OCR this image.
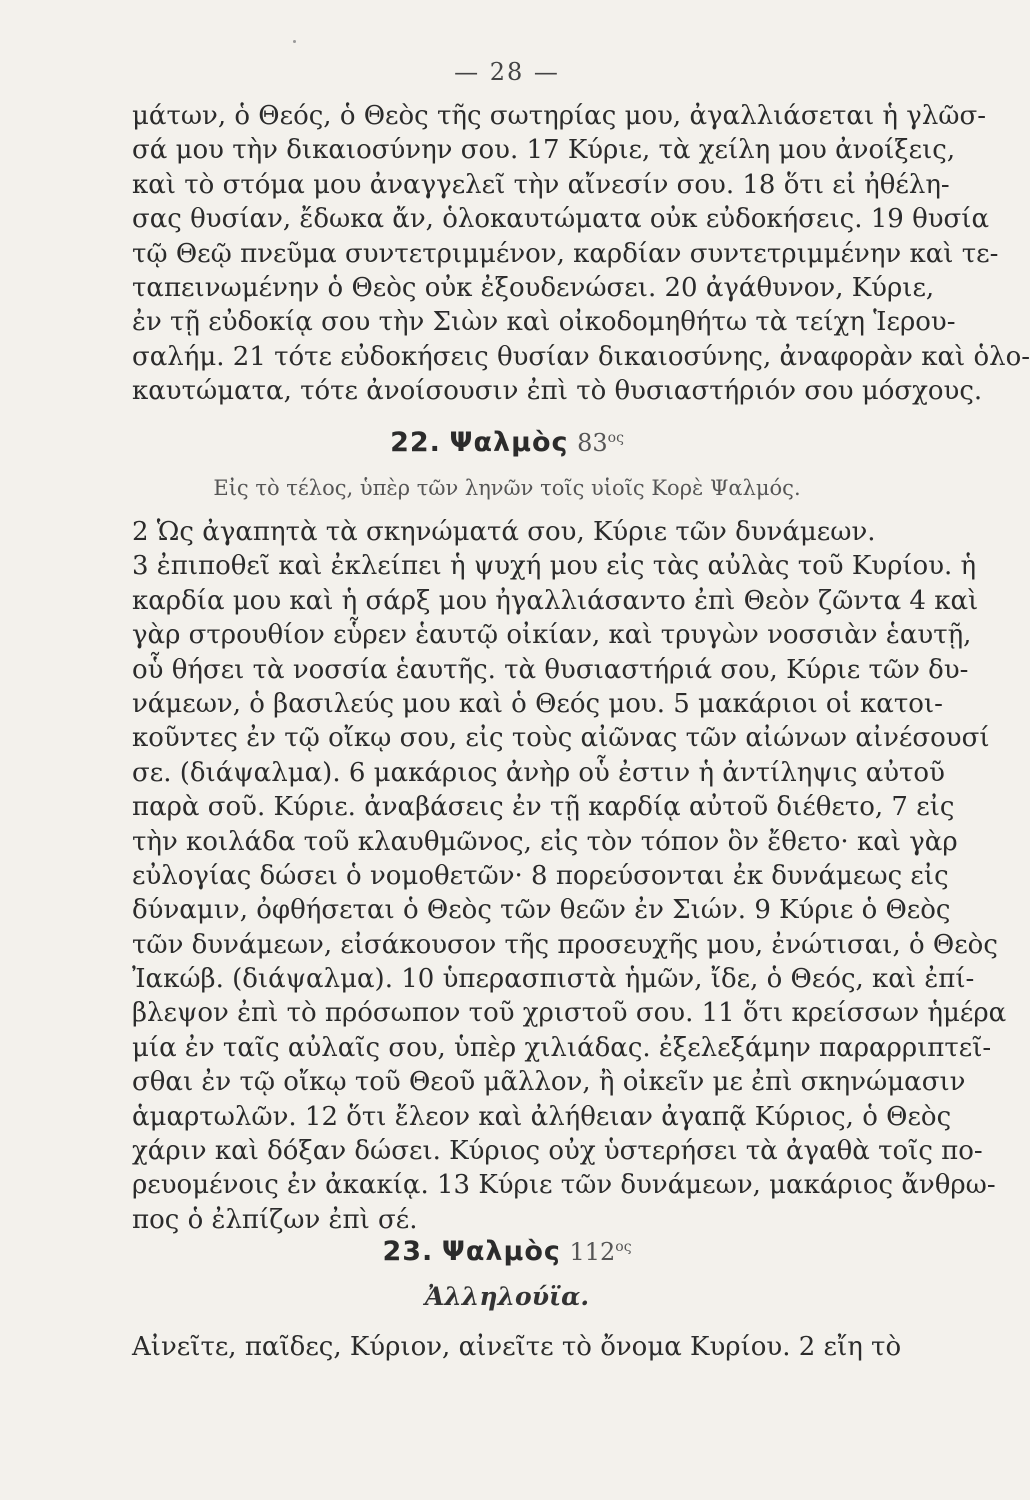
— 28 —
μάτων, ὁ Θεός, ὁ Θεὸς τῆς σωτηρίας μου, ἀγαλλιάσεται ἡ γλῶσ-
σά μου τὴν δικαιοσύνην σου. 17 Κύριε, τὰ χείλη μου ἀνοίξεις,
καὶ τὸ στόμα μου ἀναγγελεῖ τὴν αἴνεσίν σου. 18 ὅτι εἰ ἠθέλη-
σας θυσίαν, ἔδωκα ἄν, ὁλοκαυτώματα οὐκ εὐδοκήσεις. 19 θυσία
τῷ Θεῷ πνεῦμα συντετριμμένον, καρδίαν συντετριμμένην καὶ τε-
ταπεινωμένην ὁ Θεὸς οὐκ ἐξουδενώσει. 20 ἀγάθυνον, Κύριε,
ἐν τῇ εὐδοκίᾳ σου τὴν Σιὼν καὶ οἰκοδομηθήτω τὰ τείχη Ἱερου-
σαλήμ. 21 τότε εὐδοκήσεις θυσίαν δικαιοσύνης, ἀναφορὰν καὶ ὁλο-
καυτώματα, τότε ἀνοίσουσιν ἐπὶ τὸ θυσιαστήριόν σου μόσχους.
22. Ψαλμὸς $83^{o\varsigma}$
Εἰς τὸ τέλος, ὑπὲρ τῶν ληνῶν τοῖς υἱοῖς Κορὲ Ψαλμός.
2 Ὡς ἀγαπητὰ τὰ σκηνώματά σου, Κύριε τῶν δυνάμεων.
3 ἐπιποθεῖ καὶ ἐκλείπει ἡ ψυχή μου εἰς τὰς αὐλὰς τοῦ Κυρίου. ἡ
καρδία μου καὶ ἡ σάρξ μου ἠγαλλιάσαντο ἐπὶ Θεὸν ζῶντα 4 καὶ
γὰρ στρουθίον εὗρεν ἑαυτῷ οἰκίαν, καὶ τρυγὼν νοσσιὰν ἑαυτῇ,
οὗ θήσει τὰ νοσσία ἑαυτῆς. τὰ θυσιαστήριά σου, Κύριε τῶν δυ-
νάμεων, ὁ βασιλεύς μου καὶ ὁ Θεός μου. 5 μακάριοι οἱ κατοι-
κοῦντες ἐν τῷ οἴκῳ σου, εἰς τοὺς αἰῶνας τῶν αἰώνων αἰνέσουσί
σε. (διάψαλμα). 6 μακάριος ἀνὴρ οὗ ἐστιν ἡ ἀντίληψις αὐτοῦ
παρὰ σοῦ. Κύριε. ἀναβάσεις ἐν τῇ καρδίᾳ αὐτοῦ διέθετο, 7 εἰς
τὴν κοιλάδα τοῦ κλαυθμῶνος, εἰς τὸν τόπον ὃν ἔθετο· καὶ γὰρ
εὐλογίας δώσει ὁ νομοθετῶν· 8 πορεύσονται ἐκ δυνάμεως εἰς
δύναμιν, ὀφθήσεται ὁ Θεὸς τῶν θεῶν ἐν Σιών. 9 Κύριε ὁ Θεὸς
τῶν δυνάμεων, εἰσάκουσον τῆς προσευχῆς μου, ἐνώτισαι, ὁ Θεὸς
Ἰακώβ. (διάψαλμα). 10 ὑπερασπιστὰ ἡμῶν, ἴδε, ὁ Θεός, καὶ ἐπί-
βλεψον ἐπὶ τὸ πρόσωπον τοῦ χριστοῦ σου. 11 ὅτι κρείσσων ἡμέρα
μία ἐν ταῖς αὐλαῖς σου, ὑπὲρ χιλιάδας. ἐξελεξάμην παραρριπτεῖ-
σθαι ἐν τῷ οἴκῳ τοῦ Θεοῦ μᾶλλον, ἢ οἰκεῖν με ἐπὶ σκηνώμασιν
ἁμαρτωλῶν. 12 ὅτι ἔλεον καὶ ἀλήθειαν ἀγαπᾷ Κύριος, ὁ Θεὸς
χάριν καὶ δόξαν δώσει. Κύριος οὐχ ὑστερήσει τὰ ἀγαθὰ τοῖς πο-
ρευομένοις ἐν ἀκακίᾳ. 13 Κύριε τῶν δυνάμεων, μακάριος ἄνθρω-
πος ὁ ἐλπίζων ἐπὶ σέ.
23. Ψαλμὸς $112^{o\varsigma}$
Ἀλληλούϊα.
Αἰνεῖτε, παῖδες, Κύριον, αἰνεῖτε τὸ ὄνομα Κυρίου. 2 εἴη τὸ
